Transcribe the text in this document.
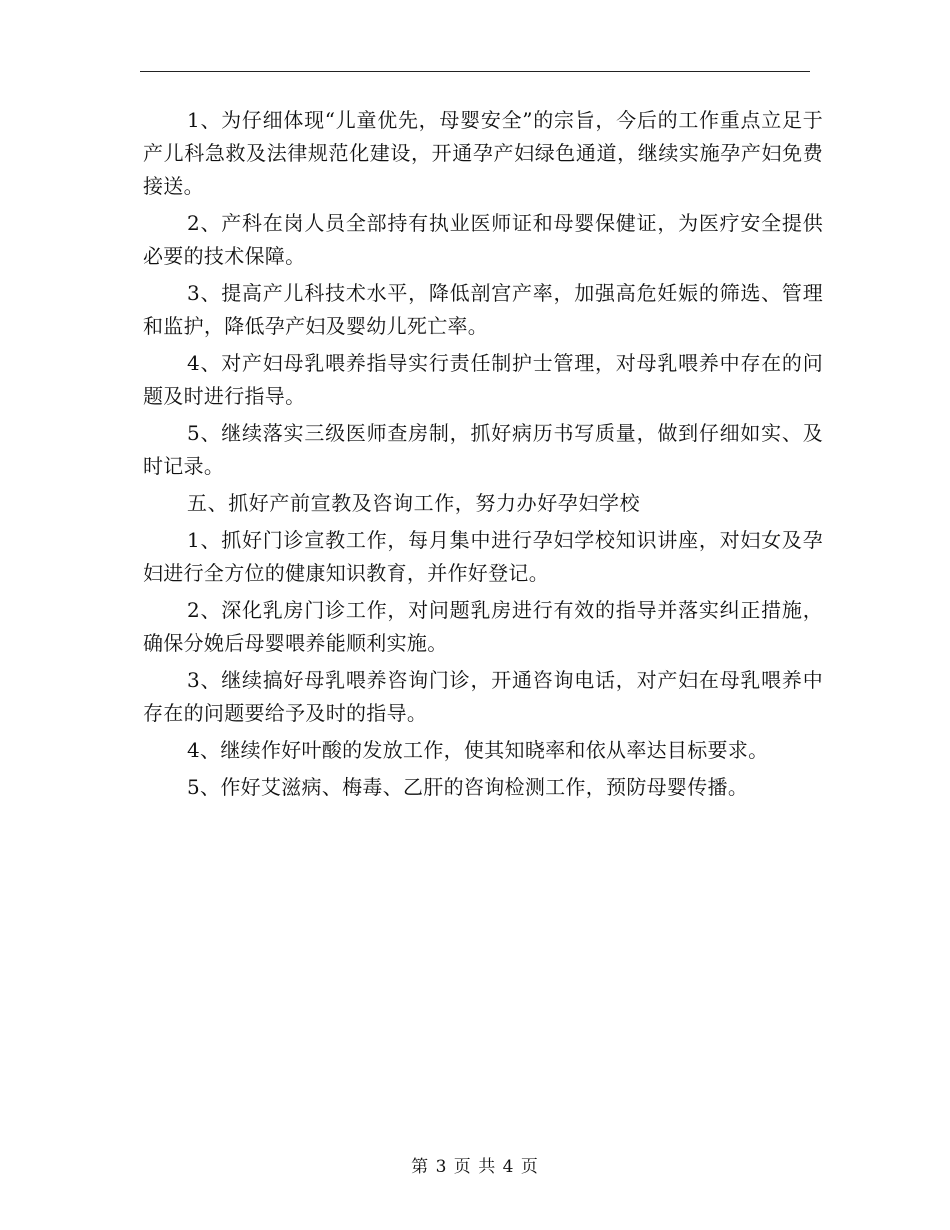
1、为仔细体现“儿童优先，母婴安全”的宗旨，今后的工作重点立足于产儿科急救及法律规范化建设，开通孕产妇绿色通道，继续实施孕产妇免费接送。

2、产科在岗人员全部持有执业医师证和母婴保健证，为医疗安全提供必要的技术保障。

3、提高产儿科技术水平，降低剖宫产率，加强高危妊娠的筛选、管理和监护，降低孕产妇及婴幼儿死亡率。

4、对产妇母乳喂养指导实行责任制护士管理，对母乳喂养中存在的问题及时进行指导。

5、继续落实三级医师查房制，抓好病历书写质量，做到仔细如实、及时记录。

五、抓好产前宣教及咨询工作，努力办好孕妇学校

1、抓好门诊宣教工作，每月集中进行孕妇学校知识讲座，对妇女及孕妇进行全方位的健康知识教育，并作好登记。

2、深化乳房门诊工作，对问题乳房进行有效的指导并落实纠正措施，确保分娩后母婴喂养能顺利实施。

3、继续搞好母乳喂养咨询门诊，开通咨询电话，对产妇在母乳喂养中存在的问题要给予及时的指导。

4、继续作好叶酸的发放工作，使其知晓率和依从率达目标要求。

5、作好艾滋病、梅毒、乙肝的咨询检测工作，预防母婴传播。

第 3 页 共 4 页
